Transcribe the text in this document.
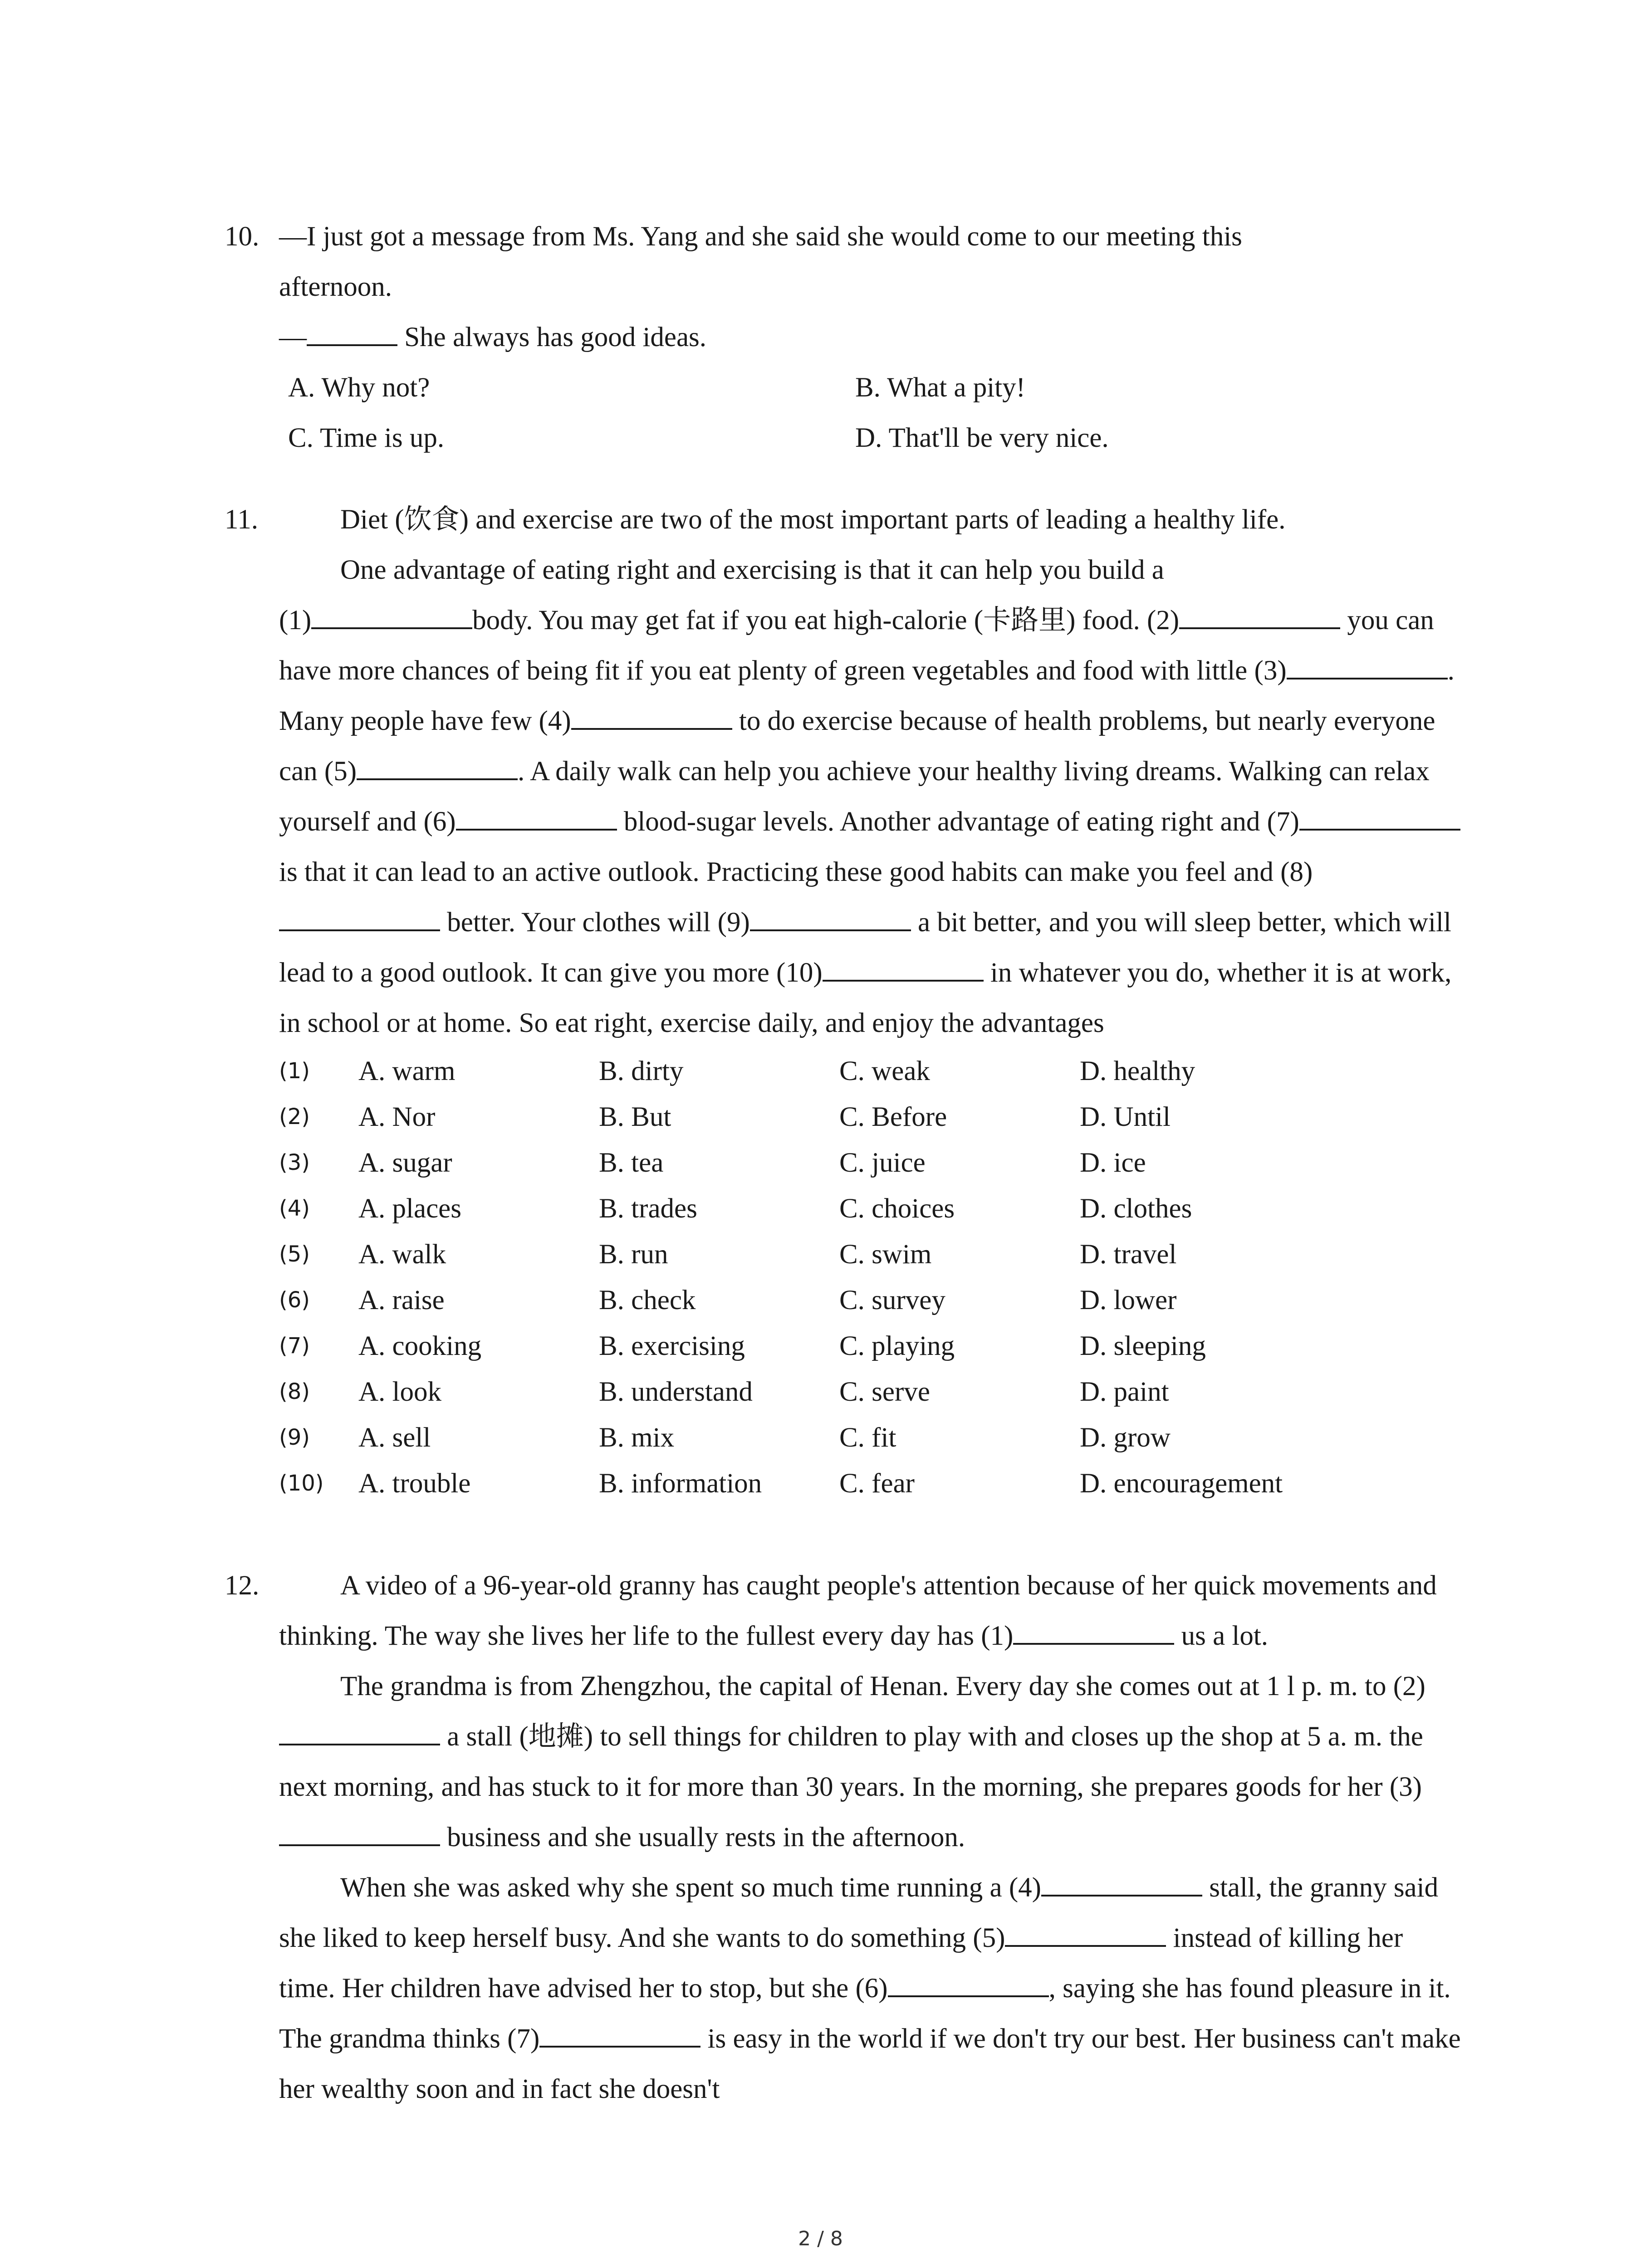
10. —I just got a message from Ms. Yang and she said she would come to our meeting this
afternoon.
—	She always has good ideas.
A. Why not?	B. What a pity!
C. Time is up.	D. That'll be very nice.
11.	Diet (饮食) and exercise are two of the most important parts of leading a healthy life.
One advantage of eating right and exercising is that it can help you build a
(1)	body. You may get fat if you eat high-calorie (卡路里) food. (2)	you can have more chances of being fit if you eat plenty of green vegetables and food with little (3)	. Many people have few (4)	to do exercise because of health problems, but nearly everyone can (5)	. A daily walk can help you achieve your healthy living dreams. Walking can relax yourself and (6)	blood-sugar levels. Another advantage of eating right and (7) is that it can lead to an active outlook. Practicing these good habits can make you feel and (8) better. Your clothes will (9)	a bit better, and you will sleep better, which will lead to a good outlook. It can give you more (10)	in whatever you do, whether it is at work, in school or at home. So eat right, exercise daily, and enjoy the advantages
(1)	A. warm	B. dirty	C. weak	D. healthy
(2)	A. Nor	B. But	C. Before	D. Until
(3)	A. sugar	B. tea	C. juice	D. ice
(4)	A. places	B. trades	C. choices	D. clothes
(5)	A. walk	B. run	C. swim	D. travel
(6)	A. raise	B. check	C. survey	D. lower
(7)	A. cooking	B. exercising	C. playing	D. sleeping
(8)	A. look	B. understand	C. serve	D. paint
(9)	A. sell	B. mix	C. fit	D. grow
(10)	A. trouble	B. information	C. fear	D. encouragement
12.	A video of a 96-year-old granny has caught people's attention because of her quick movements and thinking. The way she lives her life to the fullest every day has (1)	us a lot.
The grandma is from Zhengzhou, the capital of Henan. Every day she comes out at 1 l p. m. to (2) a stall (地摊) to sell things for children to play with and closes up the shop at 5 a. m. the next morning, and has stuck to it for more than 30 years. In the morning, she prepares goods for her (3) business and she usually rests in the afternoon.
When she was asked why she spent so much time running a (4)	stall, the granny said she liked to keep herself busy. And she wants to do something (5)	instead of killing her time. Her children have advised her to stop, but she (6)	, saying she has found pleasure in it. The grandma thinks (7)	is easy in the world if we don't try our best. Her business can't make her wealthy soon and in fact she doesn't
2 / 8
